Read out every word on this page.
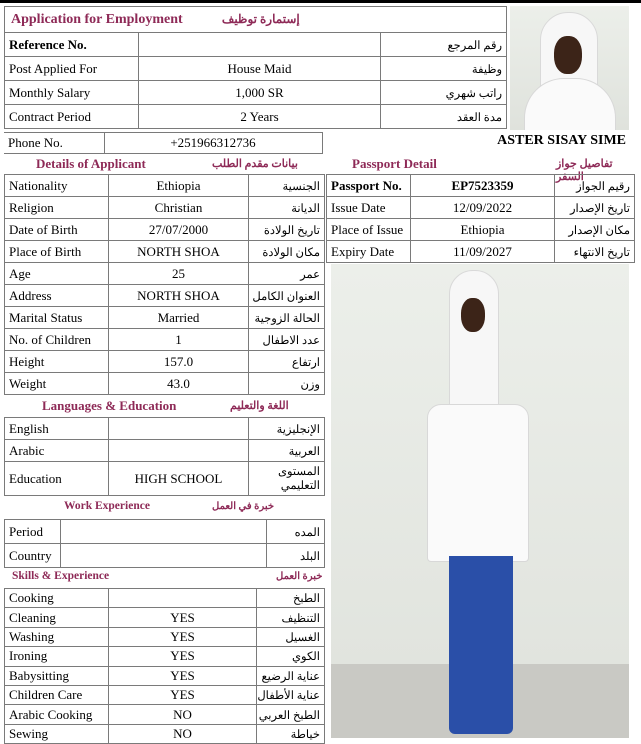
Application for Employment إستمارة توظيف		
Reference No.		رقم المرجع
Post Applied For	House Maid	وظيفة
Monthly Salary	1,000 SR	راتب شهري
Contract Period	2 Years	مدة العقد
Phone No.	+251966312736	ASTER SISAY SIME
Details of Applicant	بيانات مقدم الطلب
Nationality	Ethiopia	الجنسية
Religion	Christian	الديانة
Date of Birth	27/07/2000	تاريخ الولادة
Place of Birth	NORTH SHOA	مكان الولادة
Age	25	عمر
Address	NORTH SHOA	العنوان الكامل
Marital Status	Married	الحالة الزوجية
No. of Children	1	عدد الاطفال
Height	157.0	ارتفاع
Weight	43.0	وزن
Passport Detail	تفاصيل جواز السفر
Passport No.	EP7523359	رقيم الجواز
Issue Date	12/09/2022	تاريخ الإصدار
Place of Issue	Ethiopia	مكان الإصدار
Expiry Date	11/09/2027	تاريخ الانتهاء
Languages & Education	اللغة والتعليم
English		الإنجليزية
Arabic		العربية
Education	HIGH SCHOOL	المستوى التعليمي
Work Experience	خبرة في العمل
Period		المده
Country		البلد
Skills & Experience	خبرة العمل
Cooking		الطبخ
Cleaning	YES	التنظيف
Washing	YES	الغسيل
Ironing	YES	الكوي
Babysitting	YES	عناية الرضيع
Children Care	YES	عناية الأطفال
Arabic Cooking	NO	الطبخ العربي
Sewing	NO	خياطة
